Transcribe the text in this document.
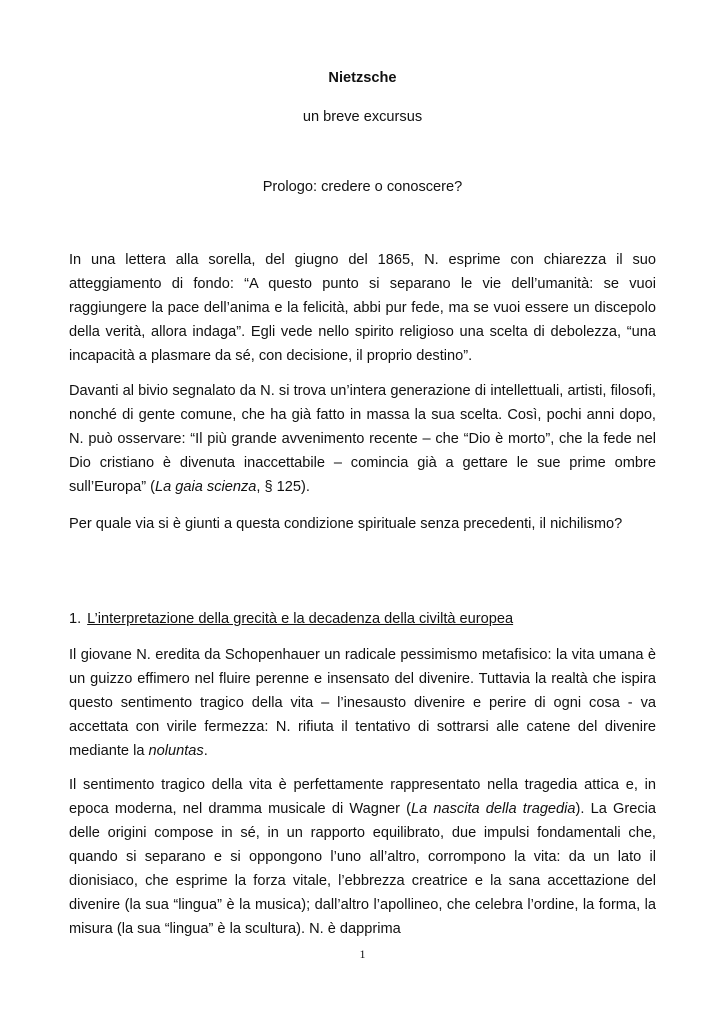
Nietzsche
un breve excursus
Prologo: credere o conoscere?
In una lettera alla sorella, del giugno del 1865, N. esprime con chiarezza il suo atteggiamento di fondo: “A questo punto si separano le vie dell’umanità: se vuoi raggiungere la pace dell’anima e la felicità, abbi pur fede, ma se vuoi essere un discepolo della verità, allora indaga”. Egli vede nello spirito religioso una scelta di debolezza, “una incapacità a plasmare da sé, con decisione, il proprio destino”.
Davanti al bivio segnalato da N. si trova un’intera generazione di intellettuali, artisti, filosofi, nonché di gente comune, che ha già fatto in massa la sua scelta. Così, pochi anni dopo, N. può osservare: “Il più grande avvenimento recente – che “Dio è morto”, che la fede nel Dio cristiano è divenuta inaccettabile – comincia già a gettare le sue prime ombre sull’Europa” (La gaia scienza, § 125).
Per quale via si è giunti a questa condizione spirituale senza precedenti, il nichilismo?
1. L’interpretazione della grecità e la decadenza della civiltà europea
Il giovane N. eredita da Schopenhauer un radicale pessimismo metafisico: la vita umana è un guizzo effimero nel fluire perenne e insensato del divenire. Tuttavia la realtà che ispira questo sentimento tragico della vita – l’inesausto divenire e perire di ogni cosa - va accettata con virile fermezza: N. rifiuta il tentativo di sottrarsi alle catene del divenire mediante la noluntas.
Il sentimento tragico della vita è perfettamente rappresentato nella tragedia attica e, in epoca moderna, nel dramma musicale di Wagner (La nascita della tragedia). La Grecia delle origini compose in sé, in un rapporto equilibrato, due impulsi fondamentali che, quando si separano e si oppongono l’uno all’altro, corrompono la vita: da un lato il dionisiaco, che esprime la forza vitale, l’ebbrezza creatrice e la sana accettazione del divenire (la sua “lingua” è la musica); dall’altro l’apollineo, che celebra l’ordine, la forma, la misura (la sua “lingua” è la scultura). N. è dapprima
1
